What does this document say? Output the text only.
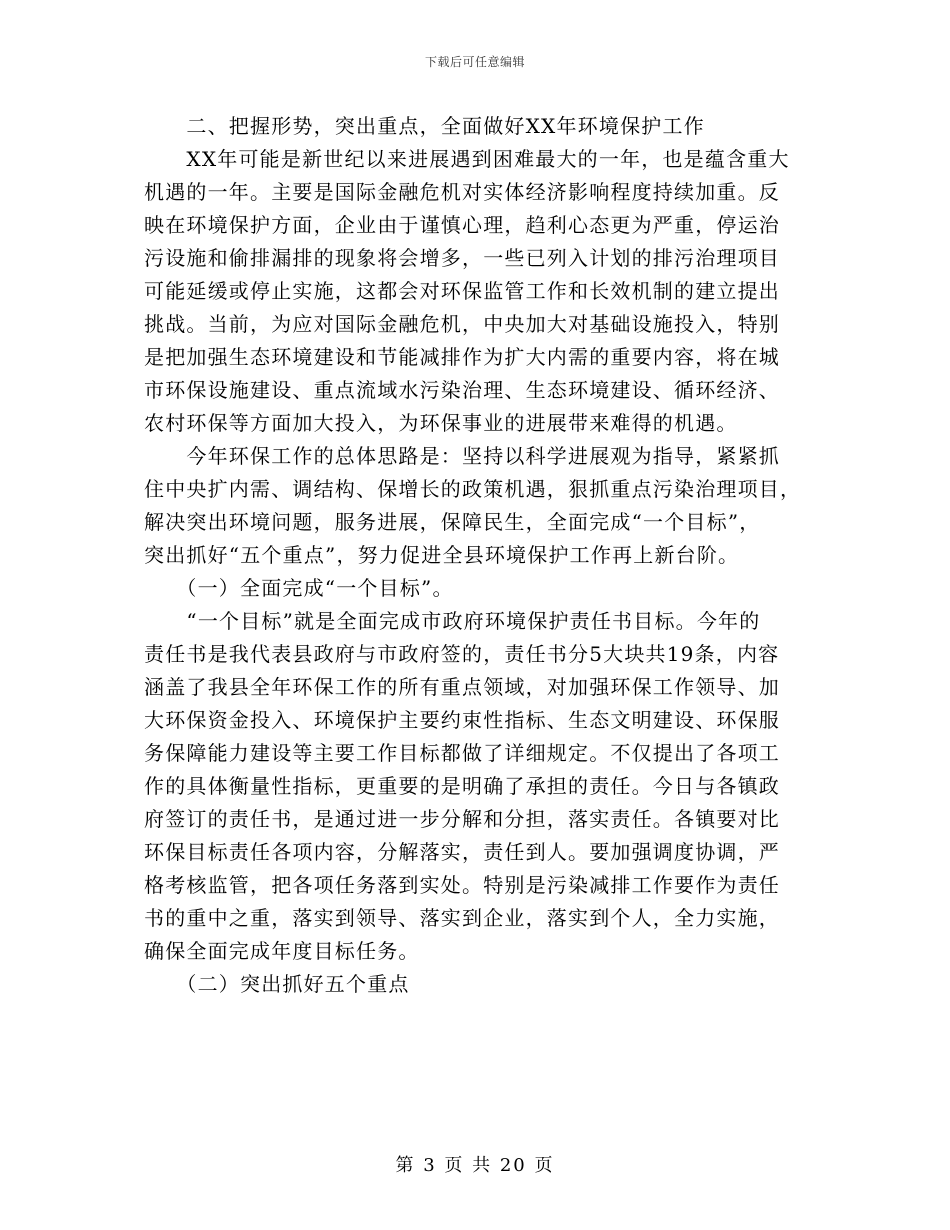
下载后可任意编辑
　　二、把握形势，突出重点，全面做好XX年环境保护工作
　　XX年可能是新世纪以来进展遇到困难最大的一年，也是蕴含重大
机遇的一年。主要是国际金融危机对实体经济影响程度持续加重。反
映在环境保护方面，企业由于谨慎心理，趋利心态更为严重，停运治
污设施和偷排漏排的现象将会增多，一些已列入计划的排污治理项目
可能延缓或停止实施，这都会对环保监管工作和长效机制的建立提出
挑战。当前，为应对国际金融危机，中央加大对基础设施投入，特别
是把加强生态环境建设和节能减排作为扩大内需的重要内容，将在城
市环保设施建设、重点流域水污染治理、生态环境建设、循环经济、
农村环保等方面加大投入，为环保事业的进展带来难得的机遇。
　　今年环保工作的总体思路是：坚持以科学进展观为指导，紧紧抓
住中央扩内需、调结构、保增长的政策机遇，狠抓重点污染治理项目，
解决突出环境问题，服务进展，保障民生，全面完成“一个目标”，
突出抓好“五个重点”，努力促进全县环境保护工作再上新台阶。
　　（一）全面完成“一个目标”。
　　“一个目标”就是全面完成市政府环境保护责任书目标。今年的
责任书是我代表县政府与市政府签的，责任书分5大块共19条，内容
涵盖了我县全年环保工作的所有重点领域，对加强环保工作领导、加
大环保资金投入、环境保护主要约束性指标、生态文明建设、环保服
务保障能力建设等主要工作目标都做了详细规定。不仅提出了各项工
作的具体衡量性指标，更重要的是明确了承担的责任。今日与各镇政
府签订的责任书，是通过进一步分解和分担，落实责任。各镇要对比
环保目标责任各项内容，分解落实，责任到人。要加强调度协调，严
格考核监管，把各项任务落到实处。特别是污染减排工作要作为责任
书的重中之重，落实到领导、落实到企业，落实到个人，全力实施，
确保全面完成年度目标任务。
　　（二）突出抓好五个重点
第 3 页 共 20 页
